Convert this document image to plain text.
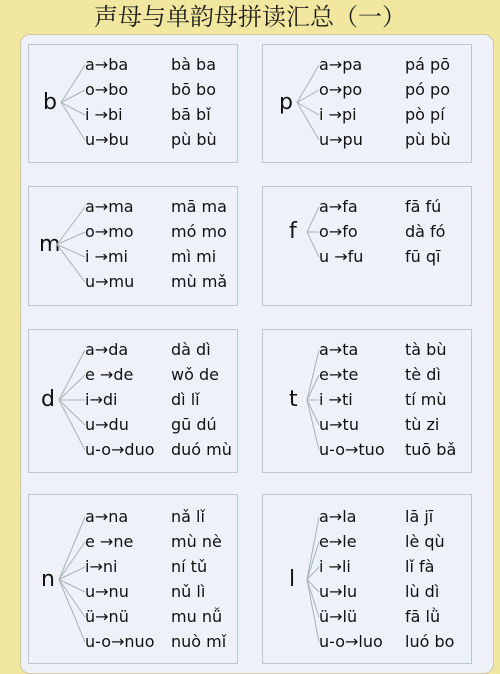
声母与单韵母拼读汇总（一）
b
a→ba	bà ba
o→bo	bō bo
i →bi	bā bǐ
u→bu	pù bù
p
a→pa	pá pō
o→po	pó po
i →pi	pò pí
u→pu	pù bù
m
a→ma mā ma
o→mo mó mo
i →mi	mì mi
u→mu mù mǎ
f
a→fa	fā fú
o→fo	dà fó
u →fu	fū qī
d
a→da	dà dì
e →de wǒ de
i→di	dì lǐ
u→du	gū dú
u-o→duo duó mù
t
a→ta	tà bù
e→te	tè dì
i →ti	tí mù
u→tu	tù zi
u-o→tuo tuō bǎ
n
a→na	nǎ lǐ
e →ne mù nè
i→ni	ní tǔ
u→nu	nǔ lì
ü→nü	mu nǚ
u-o→nuo nuò mǐ
l
a→la	lā jī
e→le	lè qù
i →li	lǐ fà
u→lu	lù dì
ü→lü	fā lǜ
u-o→luo luó bo
